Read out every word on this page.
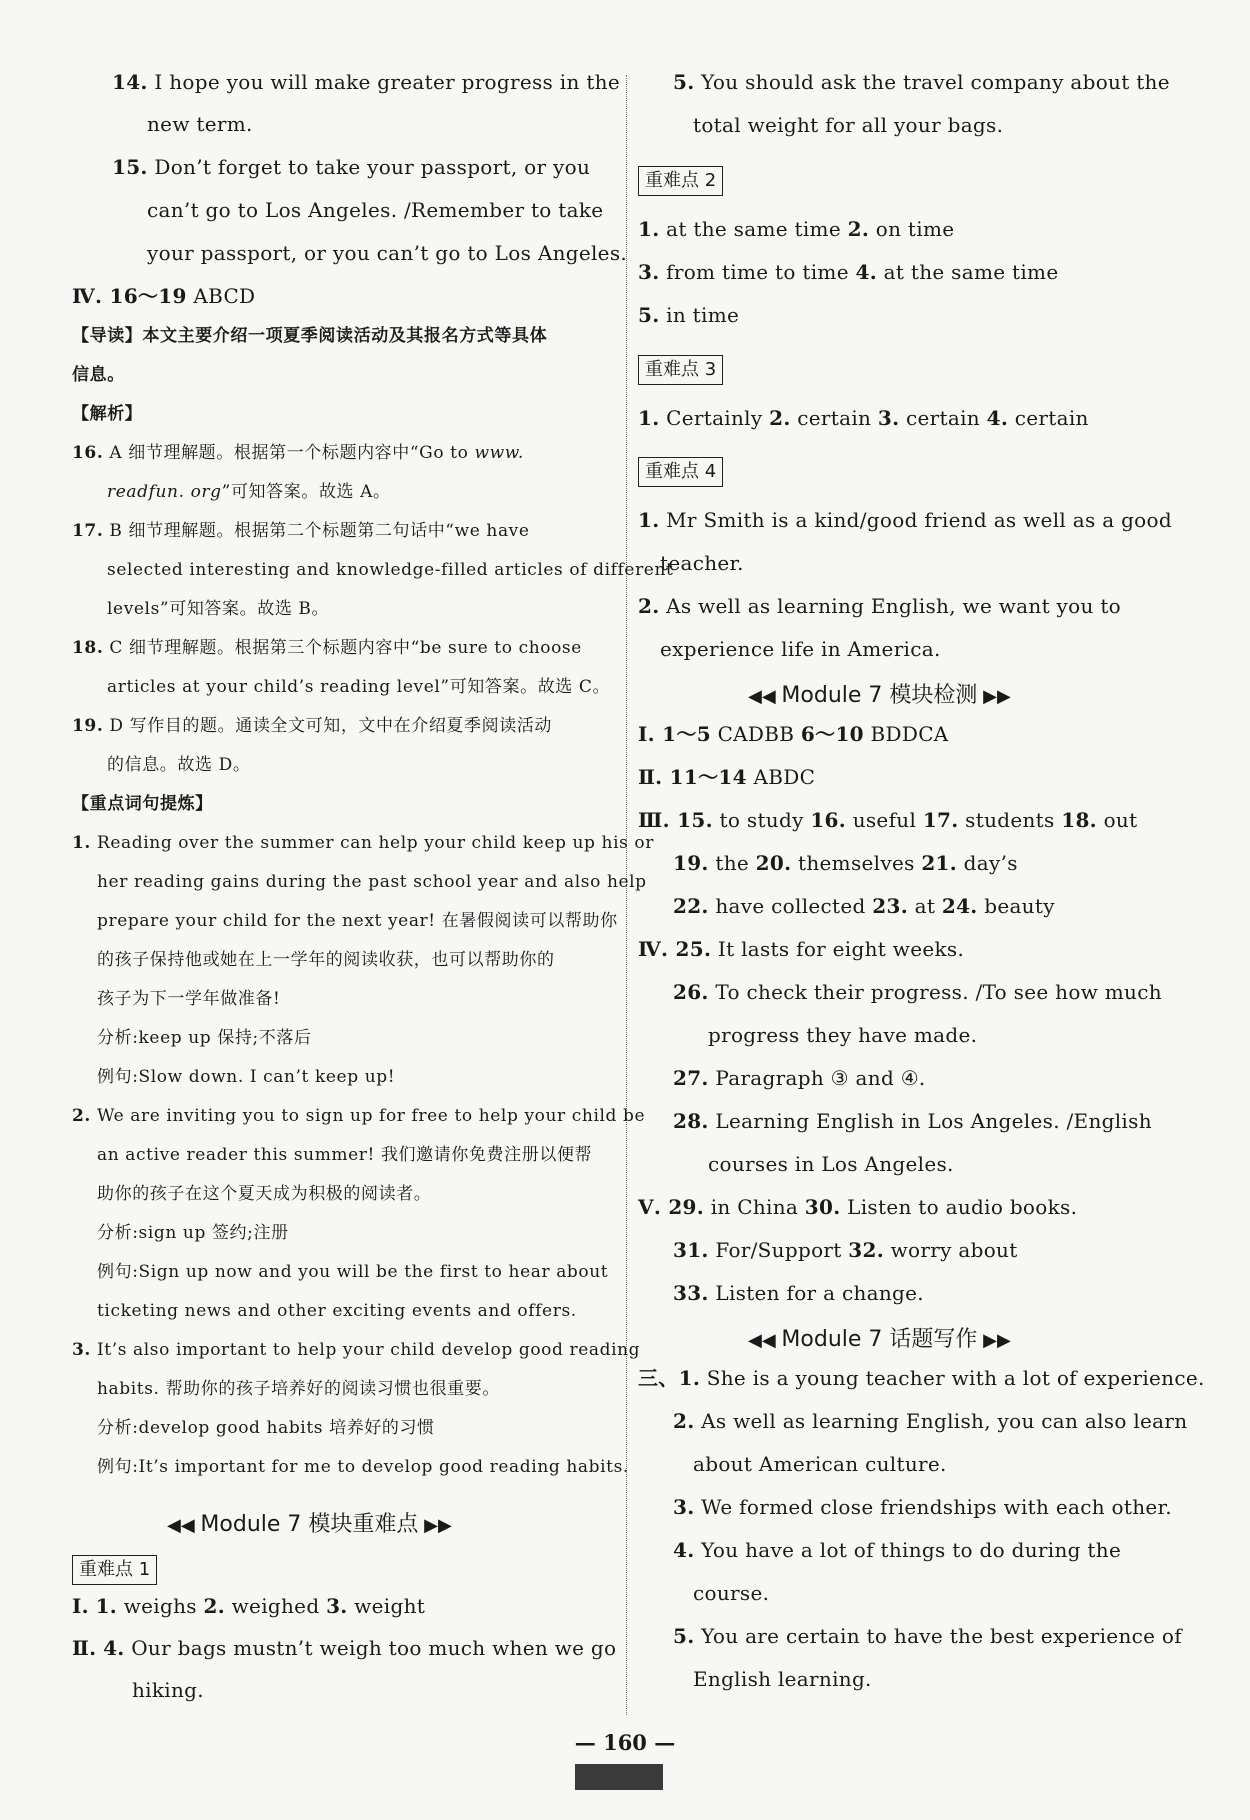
14. I hope you will make greater progress in the
new term.
15. Don’t forget to take your passport, or you
can’t go to Los Angeles. /Remember to take
your passport, or you can’t go to Los Angeles.
Ⅳ. 16～19 ABCD
【导读】本文主要介绍一项夏季阅读活动及其报名方式等具体
信息。
【解析】
16. A 细节理解题。根据第一个标题内容中“Go to www.
readfun. org”可知答案。故选 A。
17. B 细节理解题。根据第二个标题第二句话中“we have
selected interesting and knowledge-filled articles of different
levels”可知答案。故选 B。
18. C 细节理解题。根据第三个标题内容中“be sure to choose
articles at your child’s reading level”可知答案。故选 C。
19. D 写作目的题。通读全文可知，文中在介绍夏季阅读活动
的信息。故选 D。
【重点词句提炼】
1. Reading over the summer can help your child keep up his or
her reading gains during the past school year and also help
prepare your child for the next year! 在暑假阅读可以帮助你
的孩子保持他或她在上一学年的阅读收获，也可以帮助你的
孩子为下一学年做准备!
分析:keep up 保持;不落后
例句:Slow down. I can’t keep up!
2. We are inviting you to sign up for free to help your child be
an active reader this summer! 我们邀请你免费注册以便帮
助你的孩子在这个夏天成为积极的阅读者。
分析:sign up 签约;注册
例句:Sign up now and you will be the first to hear about
ticketing news and other exciting events and offers.
3. It’s also important to help your child develop good reading
habits. 帮助你的孩子培养好的阅读习惯也很重要。
分析:develop good habits 培养好的习惯
例句:It’s important for me to develop good reading habits.
Ⅰ. 1. weighs 2. weighed 3. weight
Ⅱ. 4. Our bags mustn’t weigh too much when we go
hiking.
重难点 1
◀◀ Module 7 模块重难点 ▶▶
5. You should ask the travel company about the
total weight for all your bags.
1. at the same time 2. on time
3. from time to time 4. at the same time
5. in time
1. Certainly 2. certain 3. certain 4. certain
1. Mr Smith is a kind/good friend as well as a good
teacher.
2. As well as learning English, we want you to
experience life in America.
Ⅰ. 1～5 CADBB 6～10 BDDCA
Ⅱ. 11～14 ABDC
Ⅲ. 15. to study 16. useful 17. students 18. out
19. the 20. themselves 21. day’s
22. have collected 23. at 24. beauty
Ⅳ. 25. It lasts for eight weeks.
26. To check their progress. /To see how much
progress they have made.
27. Paragraph ③ and ④.
28. Learning English in Los Angeles. /English
courses in Los Angeles.
Ⅴ. 29. in China 30. Listen to audio books.
31. For/Support 32. worry about
33. Listen for a change.
三、1. She is a young teacher with a lot of experience.
2. As well as learning English, you can also learn
about American culture.
3. We formed close friendships with each other.
4. You have a lot of things to do during the
course.
5. You are certain to have the best experience of
English learning.
重难点 2
重难点 3
重难点 4
◀◀ Module 7 模块检测 ▶▶
◀◀ Module 7 话题写作 ▶▶
— 160 —
